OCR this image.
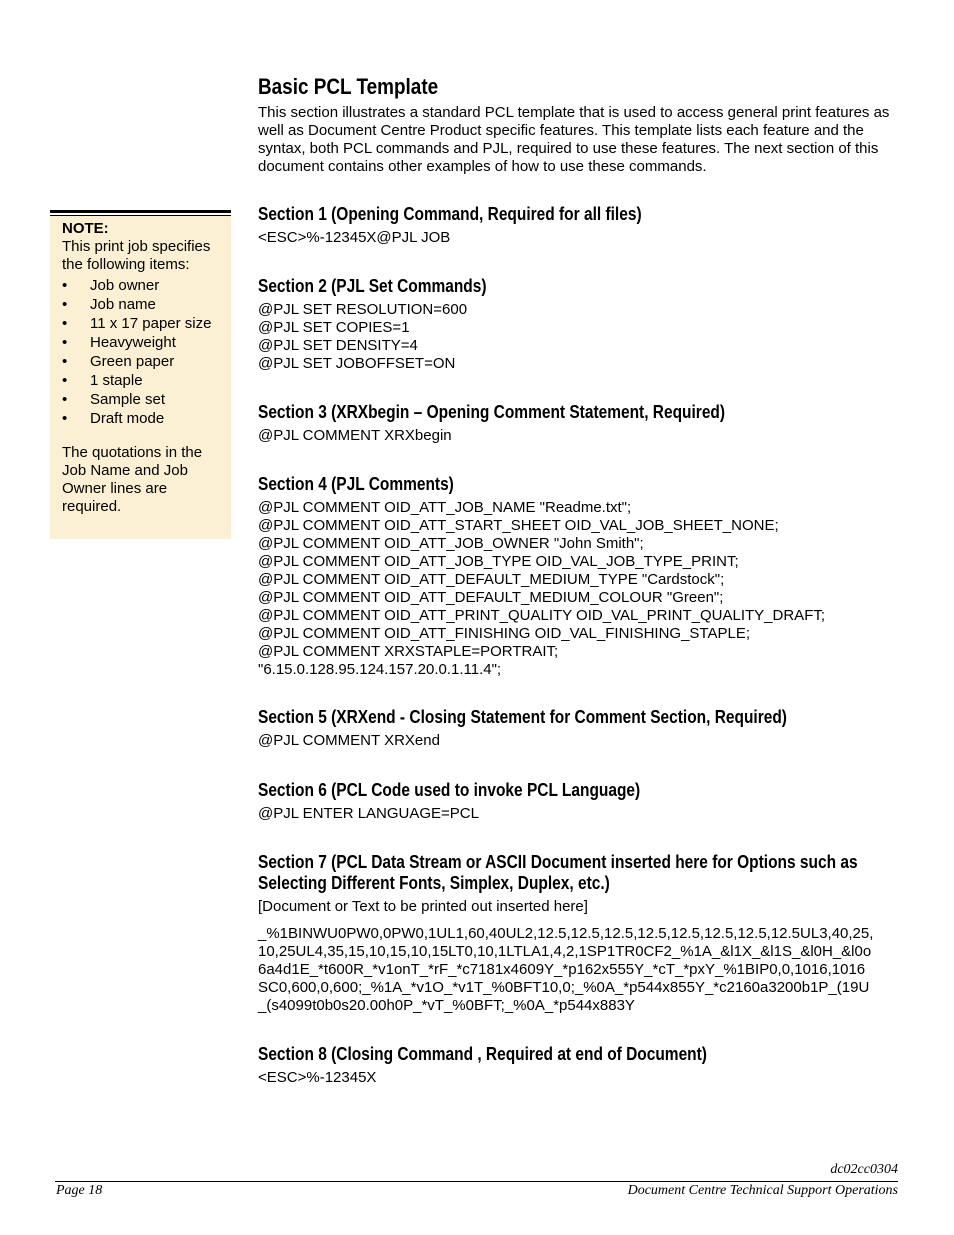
Basic PCL Template

This section illustrates a standard PCL template that is used to access general print features as well as Document Centre Product specific features. This template lists each feature and the syntax, both PCL commands and PJL, required to use these features. The next section of this document contains other examples of how to use these commands.

NOTE:
This print job specifies the following items:
• Job owner
• Job name
• 11 x 17 paper size
• Heavyweight
• Green paper
• 1 staple
• Sample set
• Draft mode
The quotations in the Job Name and Job Owner lines are required.
Section 1 (Opening Command, Required for all files)
<ESC>%-12345X@PJL JOB
Section 2 (PJL Set Commands)
@PJL SET RESOLUTION=600
@PJL SET COPIES=1
@PJL SET DENSITY=4
@PJL SET JOBOFFSET=ON
Section 3 (XRXbegin – Opening Comment Statement, Required)
@PJL COMMENT XRXbegin
Section 4 (PJL Comments)
@PJL COMMENT OID_ATT_JOB_NAME "Readme.txt";
@PJL COMMENT OID_ATT_START_SHEET OID_VAL_JOB_SHEET_NONE;
@PJL COMMENT OID_ATT_JOB_OWNER "John Smith";
@PJL COMMENT OID_ATT_JOB_TYPE OID_VAL_JOB_TYPE_PRINT;
@PJL COMMENT OID_ATT_DEFAULT_MEDIUM_TYPE "Cardstock";
@PJL COMMENT OID_ATT_DEFAULT_MEDIUM_COLOUR "Green";
@PJL COMMENT OID_ATT_PRINT_QUALITY OID_VAL_PRINT_QUALITY_DRAFT;
@PJL COMMENT OID_ATT_FINISHING OID_VAL_FINISHING_STAPLE;
@PJL COMMENT XRXSTAPLE=PORTRAIT;
"6.15.0.128.95.124.157.20.0.1.11.4";
Section 5 (XRXend - Closing Statement for Comment Section, Required)
@PJL COMMENT XRXend
Section 6 (PCL Code used to invoke PCL Language)
@PJL ENTER LANGUAGE=PCL
Section 7 (PCL Data Stream or ASCII Document inserted here for Options such as
Selecting Different Fonts, Simplex, Duplex, etc.)
[Document or Text to be printed out inserted here]
_%1BINWU0PW0,0PW0,1UL1,60,40UL2,12.5,12.5,12.5,12.5,12.5,12.5,12.5,12.5UL3,40,25,
10,25UL4,35,15,10,15,10,15LT0,10,1LTLA1,4,2,1SP1TR0CF2_%1A_&l1X_&l1S_&l0H_&l0o
6a4d1E_*t600R_*v1onT_*rF_*c7181x4609Y_*p162x555Y_*cT_*pxY_%1BIP0,0,1016,1016
SC0,600,0,600;_%1A_*v1O_*v1T_%0BFT10,0;_%0A_*p544x855Y_*c2160a3200b1P_(19U
_(s4099t0b0s20.00h0P_*vT_%0BFT;_%0A_*p544x883Y
Section 8 (Closing Command , Required at end of Document)
<ESC>%-12345X
dc02cc0304
Page 18	Document Centre Technical Support Operations
